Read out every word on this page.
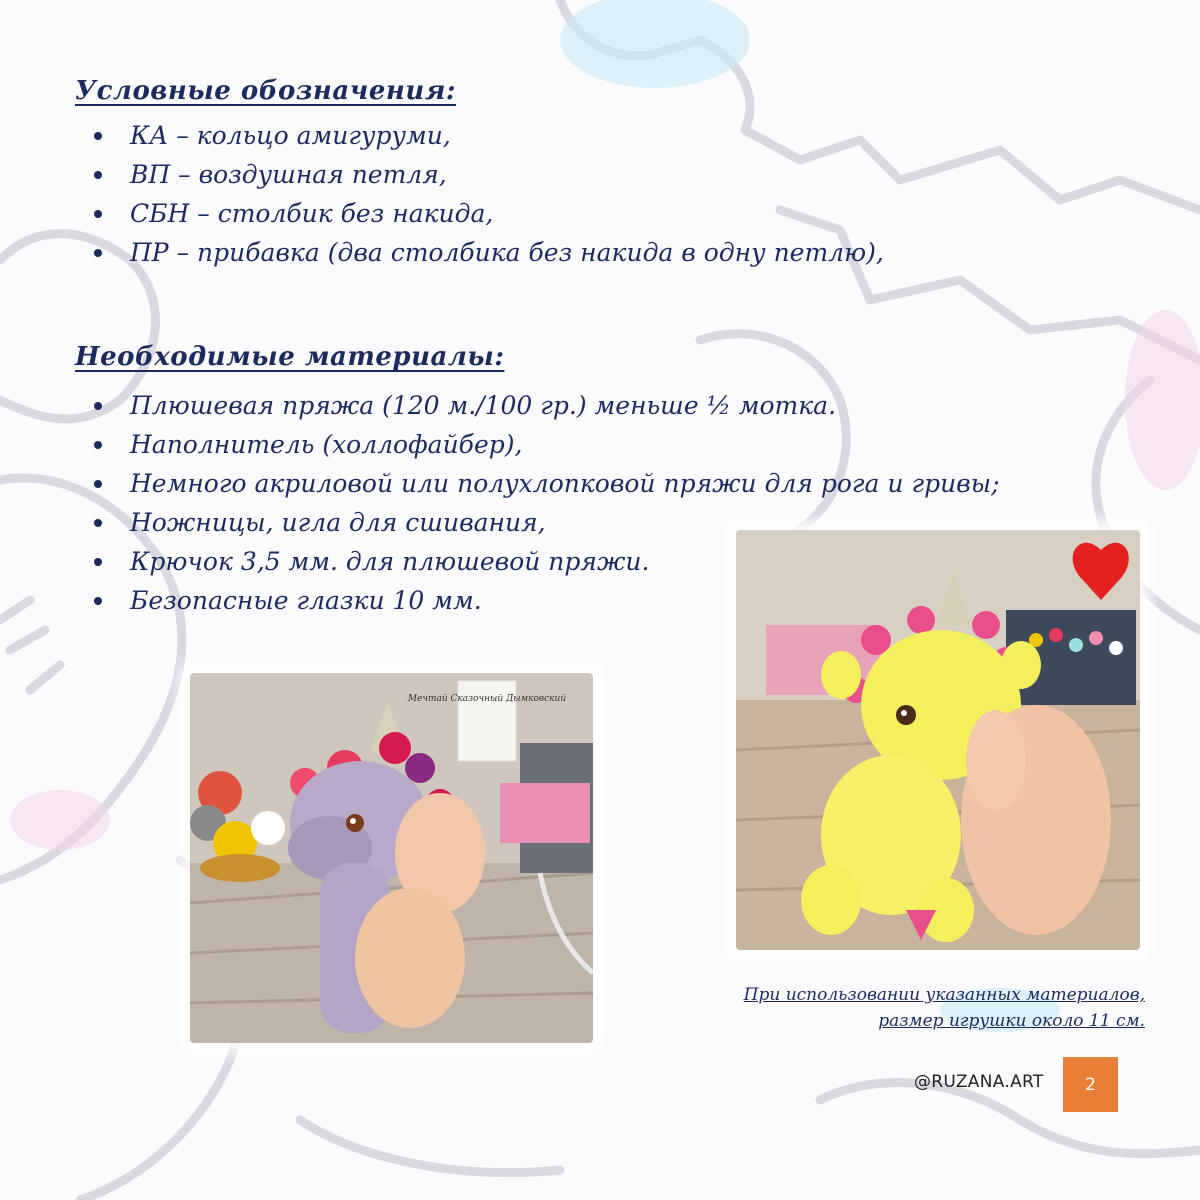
Условные обозначения:
КА – кольцо амигуруми,
ВП – воздушная петля,
СБН – столбик без накида,
ПР – прибавка (два столбика без накида в одну петлю),
Необходимые материалы:
Плюшевая пряжа (120 м./100 гр.) меньше ½ мотка.
Наполнитель (холлофайбер),
Немного акриловой или полухлопковой пряжи для рога и гривы;
Ножницы, игла для сшивания,
Крючок 3,5 мм. для плюшевой пряжи.
Безопасные глазки 10 мм.
Мечтай Сказочный Дымковский
При использовании указанных материалов,
размер игрушки около 11 см.
@RUZANA.ART	2
